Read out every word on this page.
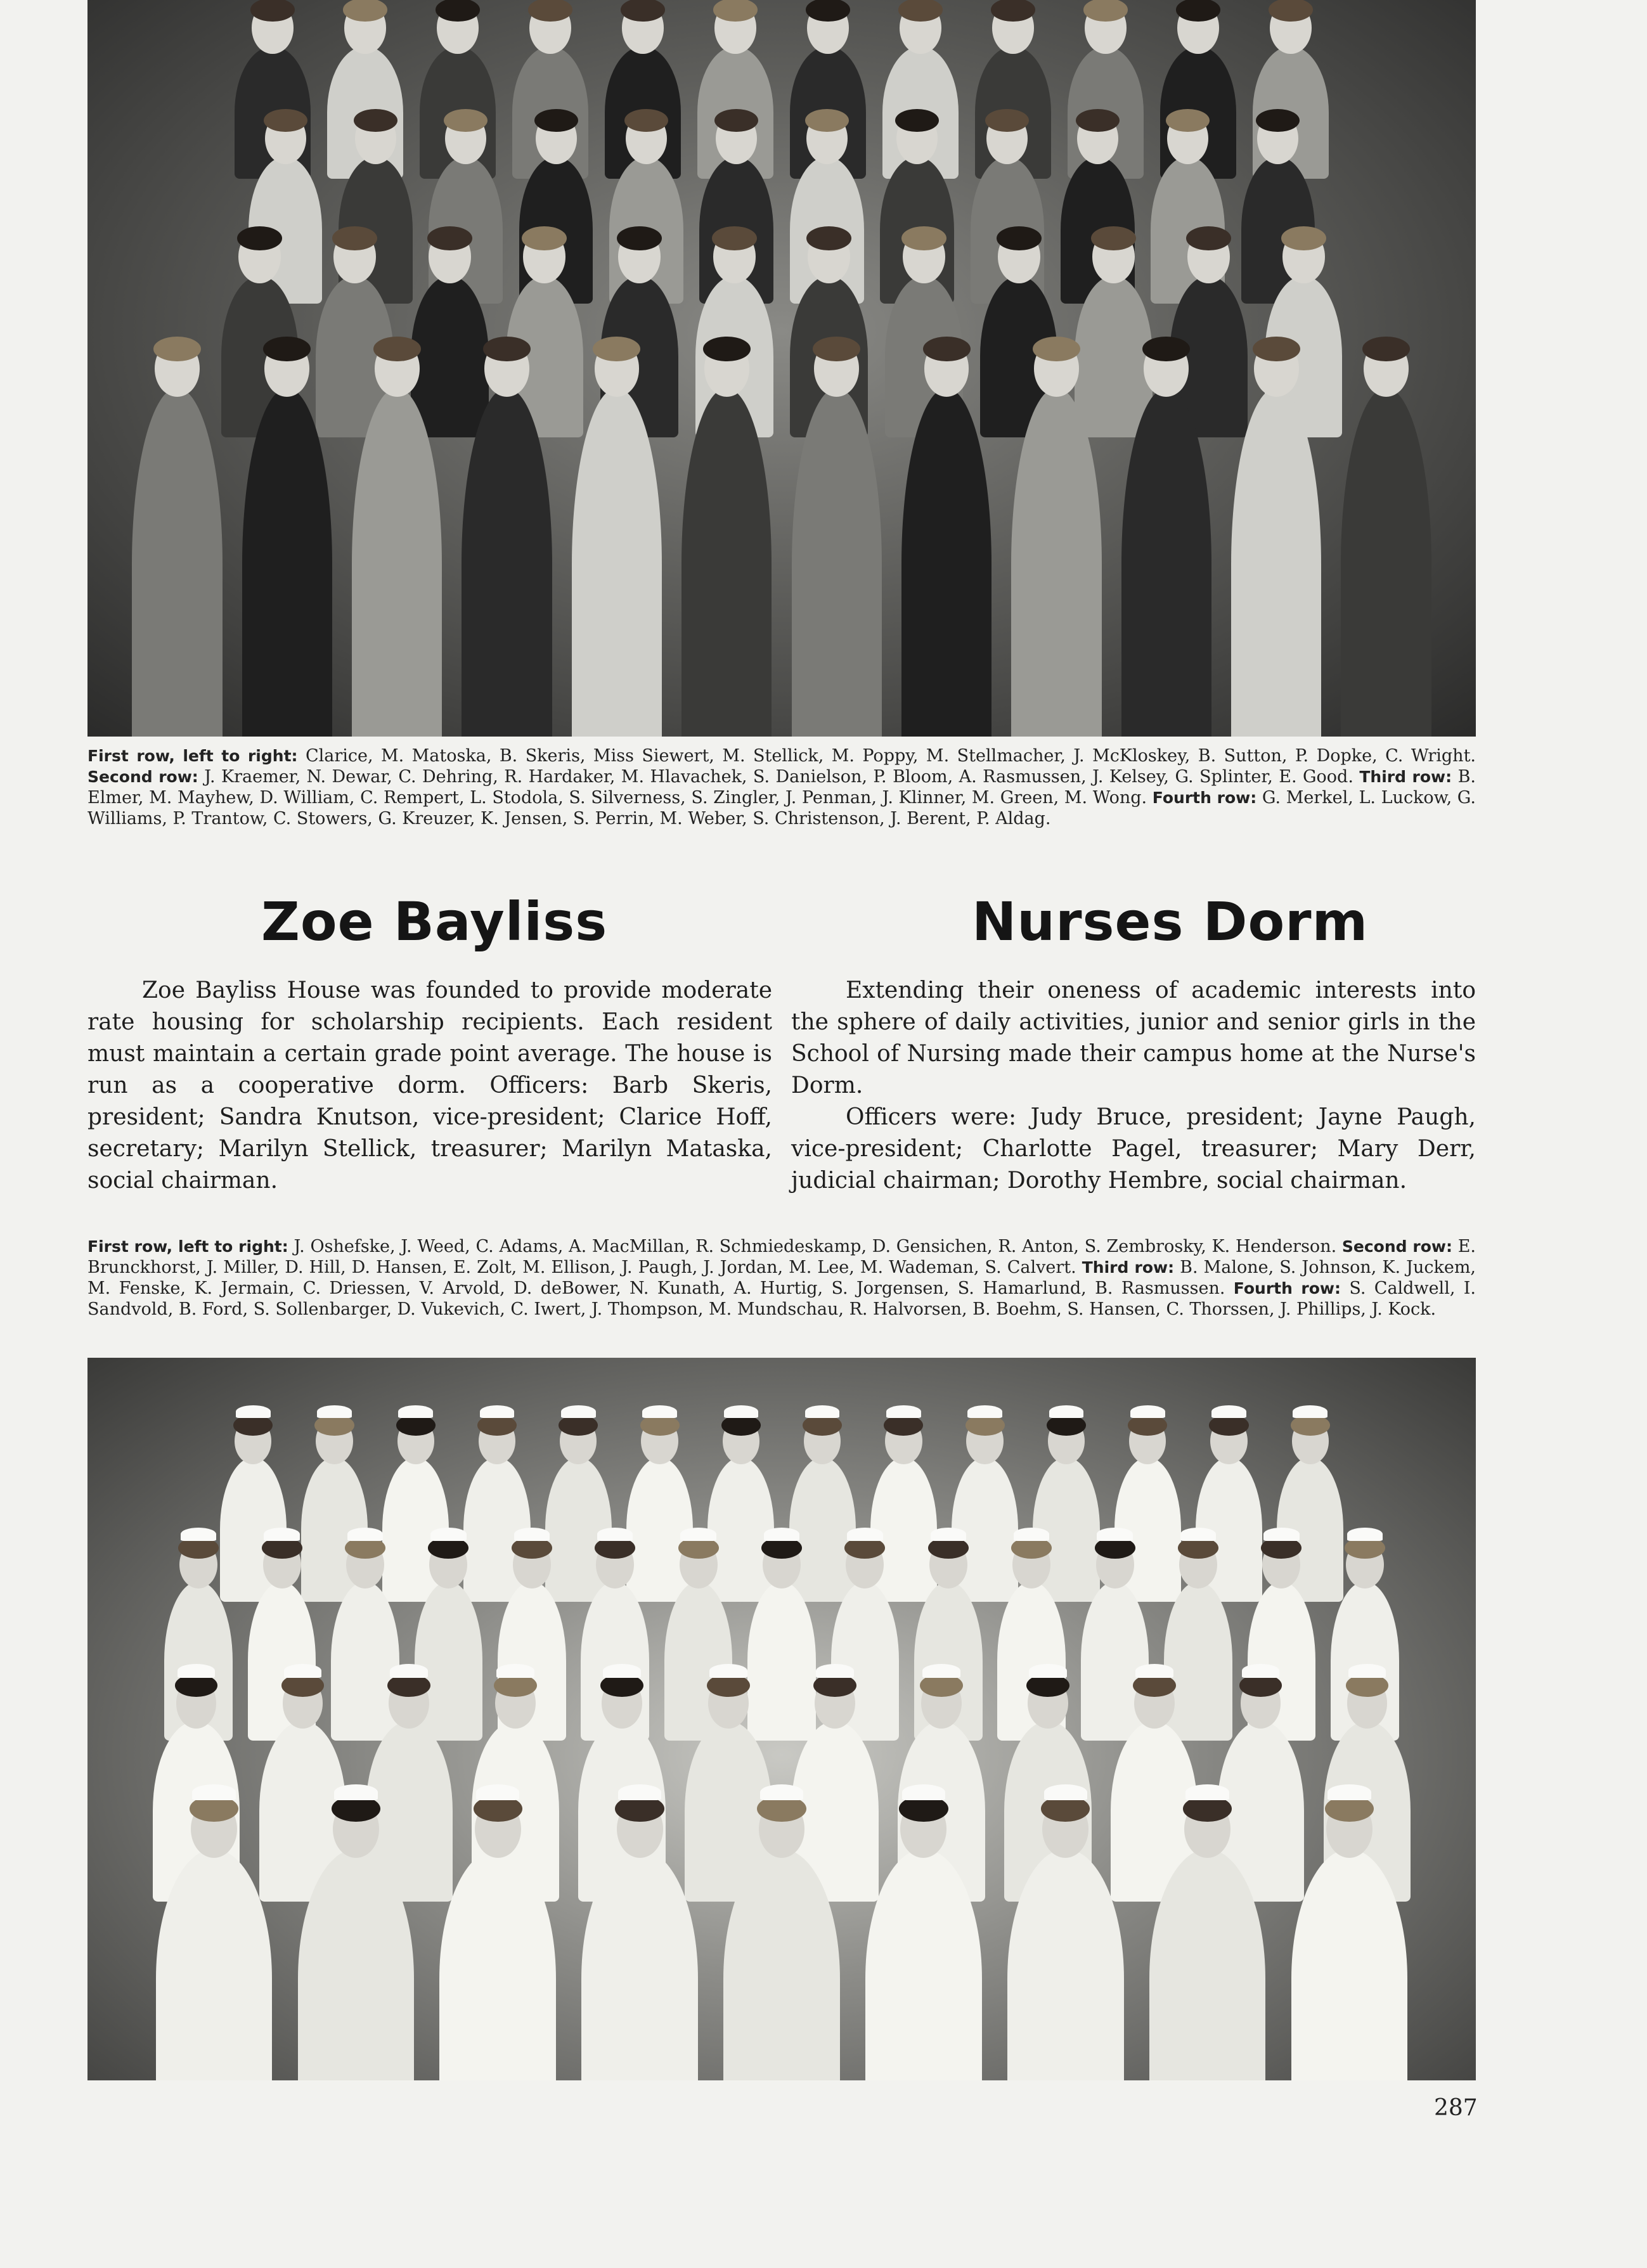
First row, left to right: Clarice, M. Matoska, B. Skeris, Miss Siewert, M. Stellick, M. Poppy, M. Stellmacher, J. McKloskey, B. Sutton, P. Dopke, C. Wright. Second row: J. Kraemer, N. Dewar, C. Dehring, R. Hardaker, M. Hlavachek, S. Danielson, P. Bloom, A. Rasmussen, J. Kelsey, G. Splinter, E. Good. Third row: B. Elmer, M. Mayhew, D. William, C. Rempert, L. Stodola, S. Silverness, S. Zingler, J. Penman, J. Klinner, M. Green, M. Wong. Fourth row: G. Merkel, L. Luckow, G. Williams, P. Trantow, C. Stowers, G. Kreuzer, K. Jensen, S. Perrin, M. Weber, S. Christenson, J. Berent, P. Aldag.
Zoe Bayliss	Nurses Dorm

Zoe Bayliss House was founded to provide moderate rate housing for scholarship recipients. Each resident must maintain a certain grade point average. The house is run as a cooperative dorm. Officers: Barb Skeris, president; Sandra Knutson, vice-president; Clarice Hoff, secretary; Marilyn Stellick, treasurer; Marilyn Mataska, social chairman.

Extending their oneness of academic interests into the sphere of daily activities, junior and senior girls in the School of Nursing made their campus home at the Nurse's Dorm.

Officers were: Judy Bruce, president; Jayne Paugh, vice-president; Charlotte Pagel, treasurer; Mary Derr, judicial chairman; Dorothy Hembre, social chairman.

First row, left to right: J. Oshefske, J. Weed, C. Adams, A. MacMillan, R. Schmiedeskamp, D. Gensichen, R. Anton, S. Zembrosky, K. Henderson. Second row: E. Brunckhorst, J. Miller, D. Hill, D. Hansen, E. Zolt, M. Ellison, J. Paugh, J. Jordan, M. Lee, M. Wademan, S. Calvert. Third row: B. Malone, S. Johnson, K. Juckem, M. Fenske, K. Jermain, C. Driessen, V. Arvold, D. deBower, N. Kunath, A. Hurtig, S. Jorgensen, S. Hamarlund, B. Rasmussen. Fourth row: S. Caldwell, I. Sandvold, B. Ford, S. Sollenbarger, D. Vukevich, C. Iwert, J. Thompson, M. Mundschau, R. Halvorsen, B. Boehm, S. Hansen, C. Thorssen, J. Phillips, J. Kock.
287
